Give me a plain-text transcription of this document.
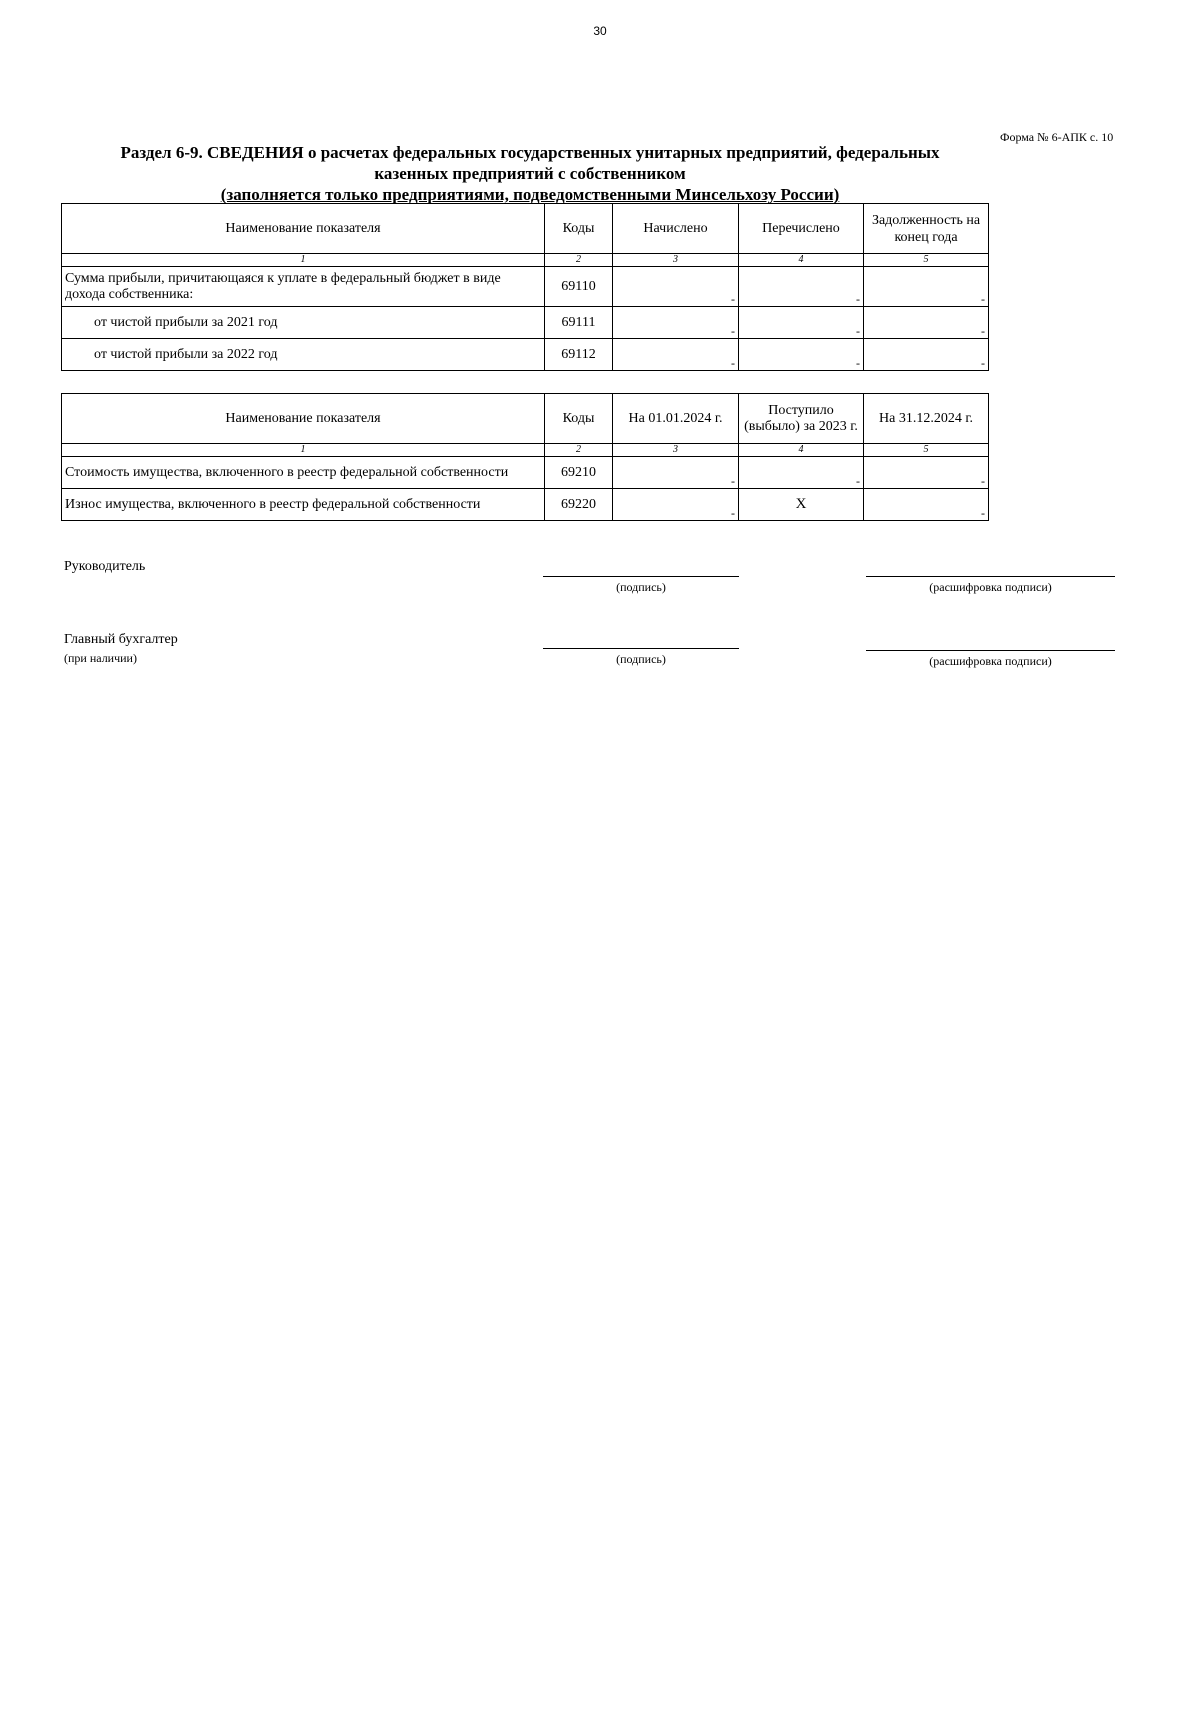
30
Форма № 6-АПК с. 10
Раздел 6-9. СВЕДЕНИЯ о расчетах федеральных государственных унитарных предприятий, федеральных
казенных предприятий с собственником
(заполняется только предприятиями, подведомственными Минсельхозу России)
Наименование показателя	Коды	Начислено	Перечислено	Задолженность на конец года
1	2	3	4	5
Сумма прибыли, причитающаяся к уплате в федеральный бюджет в виде дохода собственника:	69110	-	-	-

от чистой прибыли за 2021 год	69111	-	-	-

от чистой прибыли за 2022 год	69112	-	-	-
Наименование показателя	Коды	На 01.01.2024 г.	Поступило (выбыло) за 2023 г.	На 31.12.2024 г.
1	2	3	4	5
Стоимость имущества, включенного в реестр федеральной собственности	69210	-	-	-

Износ имущества, включенного в реестр федеральной собственности	69220	-	X	-
Руководитель
(подпись)	(расшифровка подписи)
Главный бухгалтер
(при наличии)	(подпись)	(расшифровка подписи)
